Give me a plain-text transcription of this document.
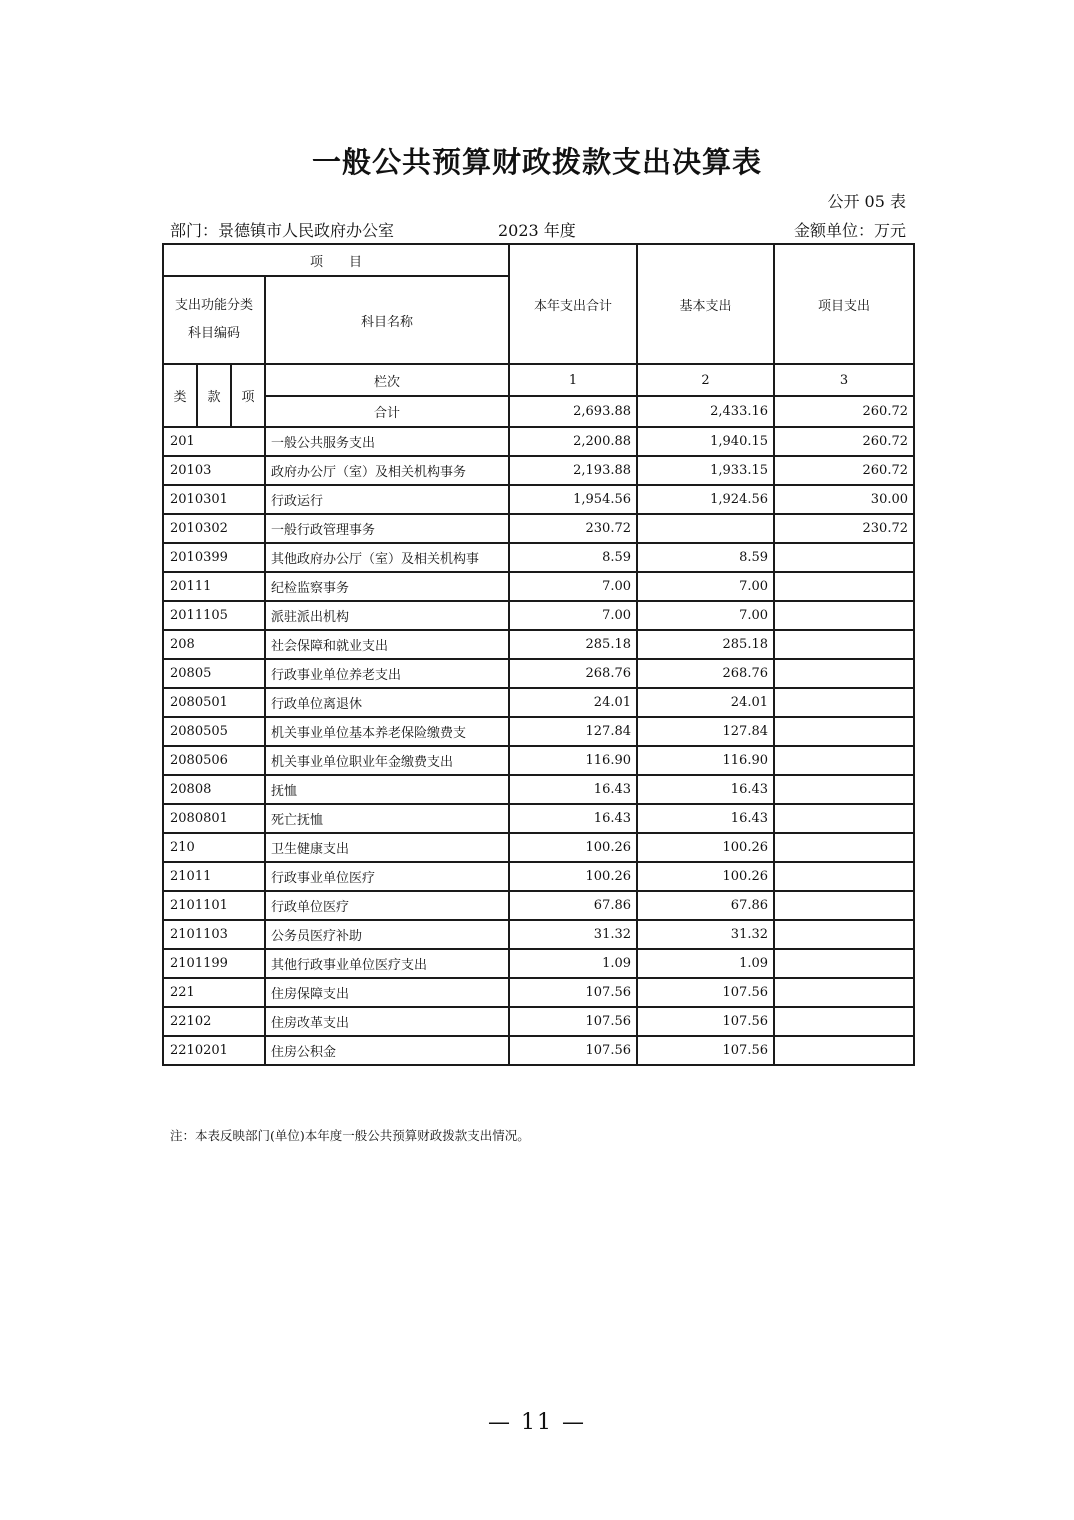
一般公共预算财政拨款支出决算表
公开 05 表
部门：景德镇市人民政府办公室	2023 年度	金额单位：万元
项　　目				本年支出合计	基本支出	项目支出

支出功能分类
科目编码			科目名称			
类	款	项	栏次	1	2	3
			合计	2,693.88	2,433.16	260.72
201			一般公共服务支出	2,200.88	1,940.15	260.72
20103			政府办公厅（室）及相关机构事务	2,193.88	1,933.15	260.72
2010301			行政运行	1,954.56	1,924.56	30.00
2010302			一般行政管理事务	230.72		230.72
2010399			其他政府办公厅（室）及相关机构事	8.59	8.59	
20111			纪检监察事务	7.00	7.00	
2011105			派驻派出机构	7.00	7.00	
208			社会保障和就业支出	285.18	285.18	
20805			行政事业单位养老支出	268.76	268.76	
2080501			行政单位离退休	24.01	24.01	
2080505			机关事业单位基本养老保险缴费支	127.84	127.84	
2080506			机关事业单位职业年金缴费支出	116.90	116.90	
20808			抚恤	16.43	16.43	
2080801			死亡抚恤	16.43	16.43	
210			卫生健康支出	100.26	100.26	
21011			行政事业单位医疗	100.26	100.26	
2101101			行政单位医疗	67.86	67.86	
2101103			公务员医疗补助	31.32	31.32	
2101199			其他行政事业单位医疗支出	1.09	1.09	
221			住房保障支出	107.56	107.56	
22102			住房改革支出	107.56	107.56	
2210201			住房公积金	107.56	107.56	
注：本表反映部门(单位)本年度一般公共预算财政拨款支出情况。
— 11 —
